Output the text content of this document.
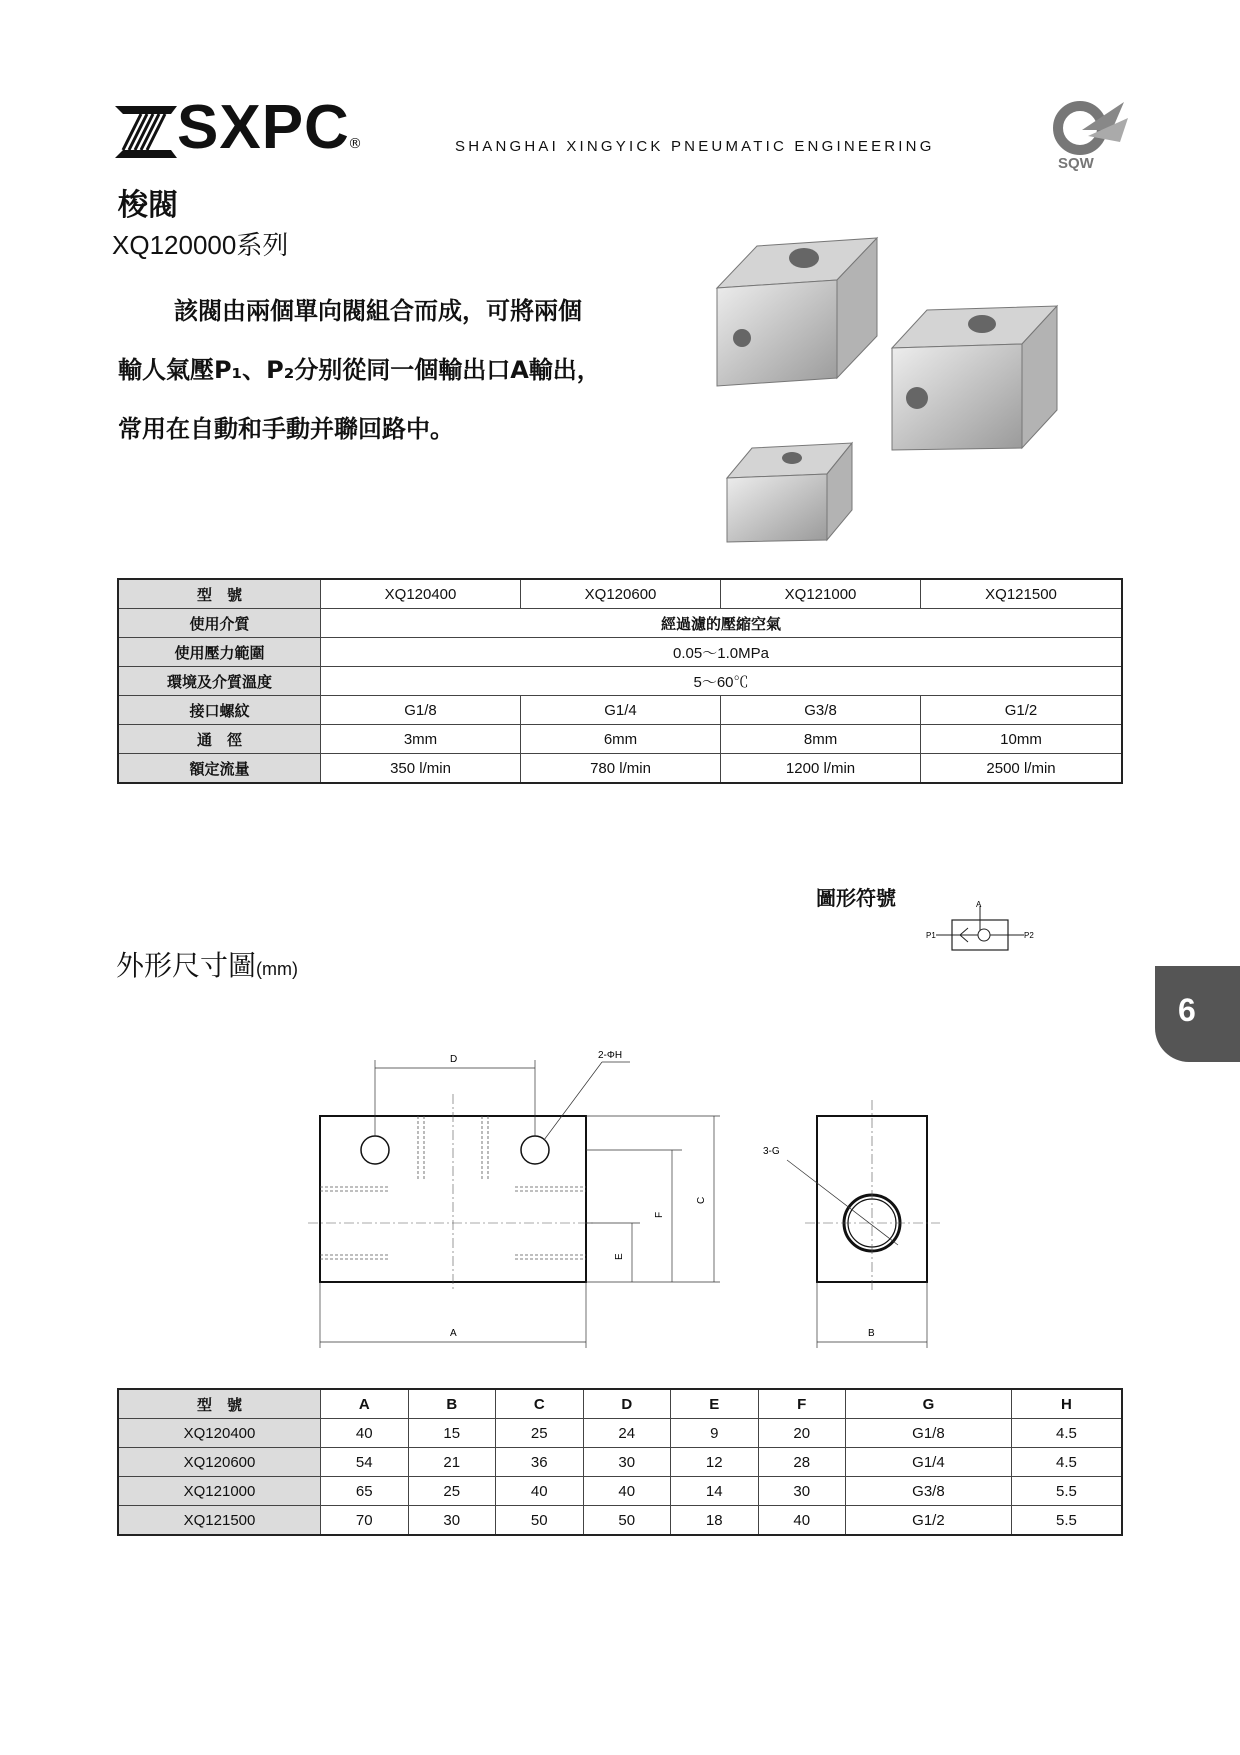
SXPC
®	SHANGHAI XINGYICK PNEUMATIC ENGINEERING
SQW
梭閥
XQ120000系列

該閥由兩個單向閥組合而成，可將兩個

輸人氣壓P₁、P₂分别從同一個輸出口A輸出，

常用在自動和手動并聯回路中。

型　號	XQ120400	XQ120600	XQ121000	XQ121500
使用介質	經過濾的壓縮空氣			
使用壓力範圍	0.05～1.0MPa			
環境及介質溫度	5～60℃			
接口螺紋	G1/8	G1/4	G3/8	G1/2
通　徑	3mm	6mm	8mm	10mm
額定流量	350 l/min	780 l/min	1200 l/min	2500 l/min
圖形符號	A
P1	P2
外形尺寸圖(mm)
6
D	2-ΦH
A
C
F
E
3-G
B
型　號	A	B	C	D	E	F	G	H
XQ120400	40	15	25	24	9	20	G1/8	4.5
XQ120600	54	21	36	30	12	28	G1/4	4.5
XQ121000	65	25	40	40	14	30	G3/8	5.5
XQ121500	70	30	50	50	18	40	G1/2	5.5
